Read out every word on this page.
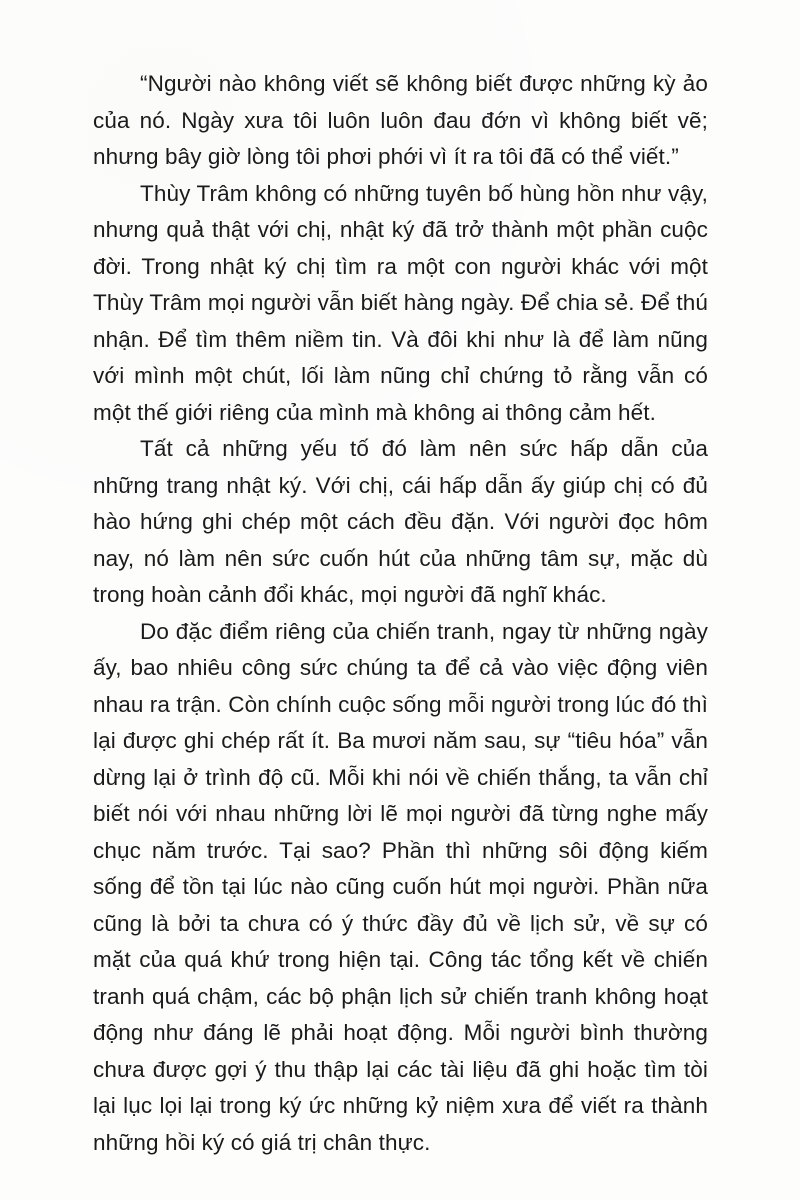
“Người nào không viết sẽ không biết được những kỳ ảo của nó. Ngày xưa tôi luôn luôn đau đớn vì không biết vẽ; nhưng bây giờ lòng tôi phơi phới vì ít ra tôi đã có thể viết.”

Thùy Trâm không có những tuyên bố hùng hồn như vậy, nhưng quả thật với chị, nhật ký đã trở thành một phần cuộc đời. Trong nhật ký chị tìm ra một con người khác với một Thùy Trâm mọi người vẫn biết hàng ngày. Để chia sẻ. Để thú nhận. Để tìm thêm niềm tin. Và đôi khi như là để làm nũng với mình một chút, lối làm nũng chỉ chứng tỏ rằng vẫn có một thế giới riêng của mình mà không ai thông cảm hết.

Tất cả những yếu tố đó làm nên sức hấp dẫn của những trang nhật ký. Với chị, cái hấp dẫn ấy giúp chị có đủ hào hứng ghi chép một cách đều đặn. Với người đọc hôm nay, nó làm nên sức cuốn hút của những tâm sự, mặc dù trong hoàn cảnh đổi khác, mọi người đã nghĩ khác.

Do đặc điểm riêng của chiến tranh, ngay từ những ngày ấy, bao nhiêu công sức chúng ta để cả vào việc động viên nhau ra trận. Còn chính cuộc sống mỗi người trong lúc đó thì lại được ghi chép rất ít. Ba mươi năm sau, sự “tiêu hóa” vẫn dừng lại ở trình độ cũ. Mỗi khi nói về chiến thắng, ta vẫn chỉ biết nói với nhau những lời lẽ mọi người đã từng nghe mấy chục năm trước. Tại sao? Phần thì những sôi động kiếm sống để tồn tại lúc nào cũng cuốn hút mọi người. Phần nữa cũng là bởi ta chưa có ý thức đầy đủ về lịch sử, về sự có mặt của quá khứ trong hiện tại. Công tác tổng kết về chiến tranh quá chậm, các bộ phận lịch sử chiến tranh không hoạt động như đáng lẽ phải hoạt động. Mỗi người bình thường chưa được gợi ý thu thập lại các tài liệu đã ghi hoặc tìm tòi lại lục lọi lại trong ký ức những kỷ niệm xưa để viết ra thành những hồi ký có giá trị chân thực.
